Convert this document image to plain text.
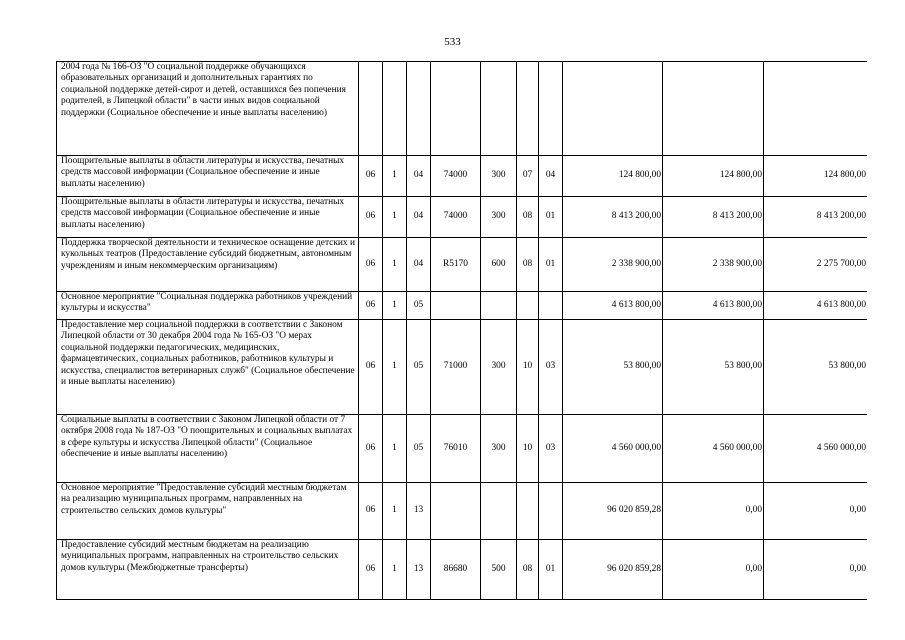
533
2004 года № 166-ОЗ "О социальной поддержке обучающихся образовательных организаций и дополнительных гарантиях по социальной поддержке детей-сирот и детей, оставшихся без попечения родителей, в Липецкой области" в части иных видов социальной поддержки (Социальное обеспечение и иные выплаты населению)										
Поощрительные выплаты в области литературы и искусства, печатных средств массовой информации (Социальное обеспечение и иные выплаты населению)	06	1	04	74000	300	07	04	124 800,00	124 800,00	124 800,00
Поощрительные выплаты в области литературы и искусства, печатных средств массовой информации (Социальное обеспечение и иные выплаты населению)	06	1	04	74000	300	08	01	8 413 200,00	8 413 200,00	8 413 200,00
Поддержка творческой деятельности и техническое оснащение детских и кукольных театров (Предоставление субсидий бюджетным, автономным учреждениям и иным некоммерческим организациям)	06	1	04	R5170	600	08	01	2 338 900,00	2 338 900,00	2 275 700,00
Основное мероприятие "Социальная поддержка работников учреждений культуры и искусства"	06	1	05					4 613 800,00	4 613 800,00	4 613 800,00
Предоставление мер социальной поддержки в соответствии с Законом Липецкой области от 30 декабря 2004 года № 165-ОЗ "О мерах социальной поддержки педагогических, медицинских, фармацевтических, социальных работников, работников культуры и искусства, специалистов ветеринарных служб" (Социальное обеспечение и иные выплаты населению)	06	1	05	71000	300	10	03	53 800,00	53 800,00	53 800,00
Социальные выплаты в соответствии с Законом Липецкой области от 7 октября 2008 года № 187-ОЗ "О поощрительных и социальных выплатах в сфере культуры и искусства Липецкой области" (Социальное обеспечение и иные выплаты населению)	06	1	05	76010	300	10	03	4 560 000,00	4 560 000,00	4 560 000,00
Основное мероприятие "Предоставление субсидий местным бюджетам на реализацию муниципальных программ, направленных на строительство сельских домов культуры"	06	1	13					96 020 859,28	0,00	0,00
Предоставление субсидий местным бюджетам на реализацию муниципальных программ, направленных на строительство сельских домов культуры (Межбюджетные трансферты)	06	1	13	86680	500	08	01	96 020 859,28	0,00	0,00
